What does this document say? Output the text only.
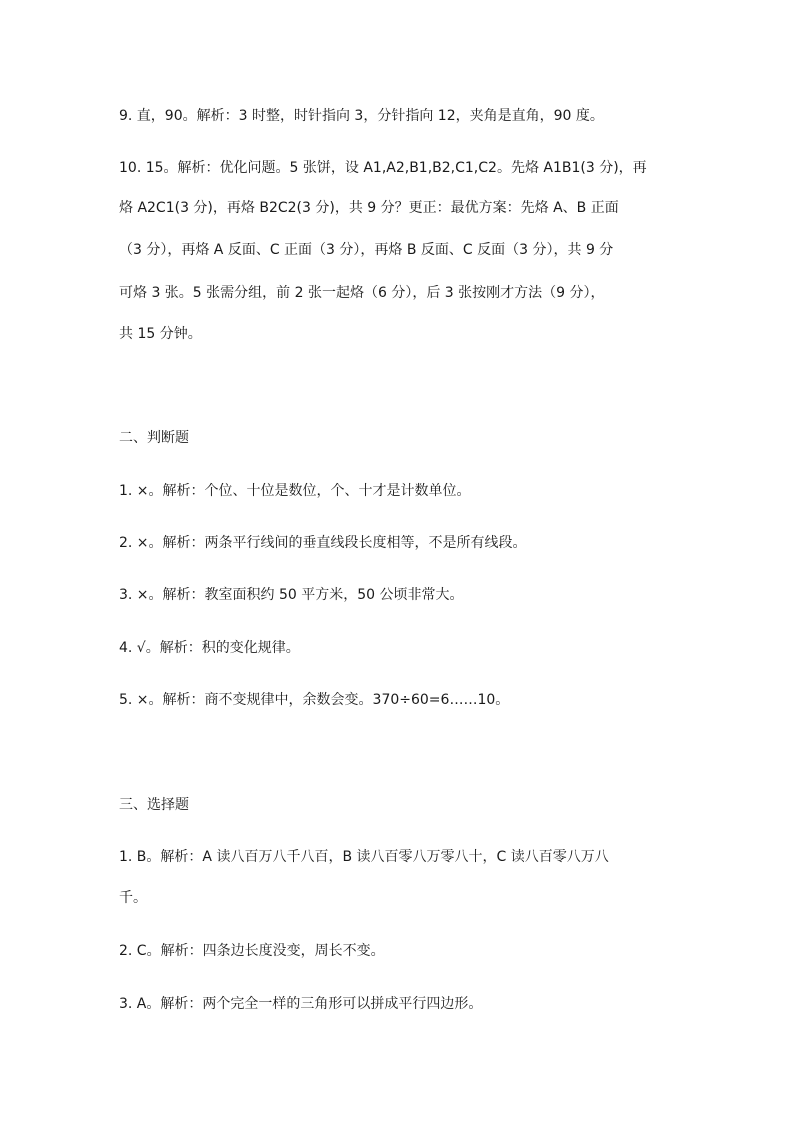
9. 直，90。解析：3 时整，时针指向 3，分针指向 12，夹角是直角，90 度。
10. 15。解析：优化问题。5 张饼，设 A1,A2,B1,B2,C1,C2。先烙 A1B1(3 分)，再
烙 A2C1(3 分)，再烙 B2C2(3 分)，共 9 分？更正：最优方案：先烙 A、B 正面
（3 分），再烙 A 反面、C 正面（3 分），再烙 B 反面、C 反面（3 分），共 9 分
可烙 3 张。5 张需分组，前 2 张一起烙（6 分），后 3 张按刚才方法（9 分），
共 15 分钟。
二、判断题
1. ×。解析：个位、十位是数位，个、十才是计数单位。
2. ×。解析：两条平行线间的垂直线段长度相等，不是所有线段。
3. ×。解析：教室面积约 50 平方米，50 公顷非常大。
4. √。解析：积的变化规律。
5. ×。解析：商不变规律中，余数会变。370÷60=6……10。
三、选择题
1. B。解析：A 读八百万八千八百，B 读八百零八万零八十，C 读八百零八万八
千。
2. C。解析：四条边长度没变，周长不变。
3. A。解析：两个完全一样的三角形可以拼成平行四边形。
